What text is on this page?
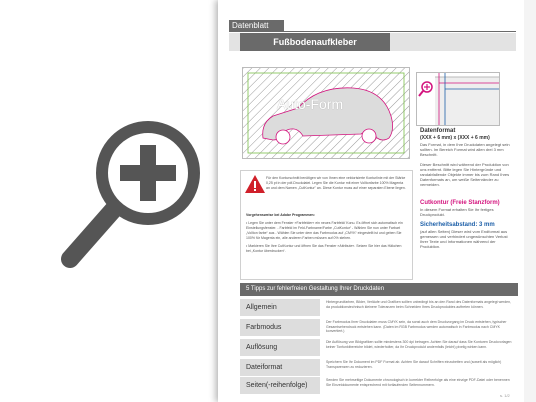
Datenblatt
Fußbodenaufkleber
Auto-Form
Datenformat
(XXX + 6 mm) x (XXX + 6 mm)
Das Format, in dem Ihre Druckdaten angelegt sein sollten. Im Bereich Format wird allen drei 3 mm Beschnitt.
Dieser Beschnitt wird während der Produktion von uns entfernt. Bitte legen Sie Hintergründe und randabfallende Objekte immer bis zum Rand Ihres Datenformats an, um weiße Seitenränder zu vermeiden.
Cutkontur (Freie Stanzform)
In diesem Format erhalten Sie Ihr fertiges Druckprodukt.
Sicherheitsabstand: 3 mm
(auf allen Seiten) Dieser wird vom Endformat aus gemessen und verhindert ungewünschten Verlust Ihrer Texte und Informationen während der Produktion.
Für den Konturschnitt benötigen wir von Ihnen eine vektorisierte Konturlinie mit der Stärke 0,25 pt in der pdf-Druckdatei. Legen Sie die Kontur mit einer Volltonfarbe 100% Magenta an und dem Namen „CutKontur" an. Diese Kontur muss auf einer separaten Ebene liegen.
Vorgehensweise bei Adobe Programmen:
• Legen Sie unter dem Fenster »Farbfelder« ein neues Farbfeld/ Konu. Es öffnet sich automatisch ein Einstellungsfenster. - Farbfeld im Feld-Farbname/Farbe „CutKontur“ - Wählen Sie nun unter Farbart „Vollton farbe“ aus - Wählen Sie unter dem das Farbmodus auf „CMYK“ eingestellt ist und geben Sie 100% für Magenta ein, alle anderen Farben müssen auf 0% stehen.
• Markieren Sie Ihre CutKontur und öffnen Sie das Fenster »Attribute«. Setzen Sie hier das Häkchen bei „Kontur überdrucken“.
5 Tipps zur fehlerfreien Gestaltung Ihrer Druckdaten
Allgemein
Hintergrundfarben, Bilder, Verläufe und Grafiken sollten unbedingt bis an den Rand des Datenformats angelegt werden, da produktionstechnisch kleinere Toleranzen beim Schneiden Ihres Druckproduktes auftreten können.
Farbmodus
Der Farbmodus Ihrer Druckdaten muss CMYK sein, da sonst auch dem Druckvorgang im Druck entstehen, typischer Gesamtsehendruck entstehen kann. (Daten im RGB Farbmodus werden automatisch in Farbmodus nach CMYK konvertiert.)
Auflösung
Die Auflösung von Bildgrafiken sollte mindestens 300 dpi betragen. Achten Sie darauf dass Sie Konturen Druckvorlagen keiner Tonfunktbereiche bildet, wiederholter, da Ihr Druckprodukt andernfalls (leicht) pixelig wirken kann.
Dateiformat
Speichern Sie Ihr Dokument im PDF Format ab. Achten Sie darauf Schriften einzubetten und (soweit als möglich) Transparenzen zu reduzieren.
Seiten(-reihenfolge)
Senden Sie mehrseitige Dokumente chronologisch in korrekter Reihenfolge als eine einzige PDF-Datei oder benennen Sie Einzeldokumente entsprechend mit fortlaufenden Seitennummern.
s. 1/2
